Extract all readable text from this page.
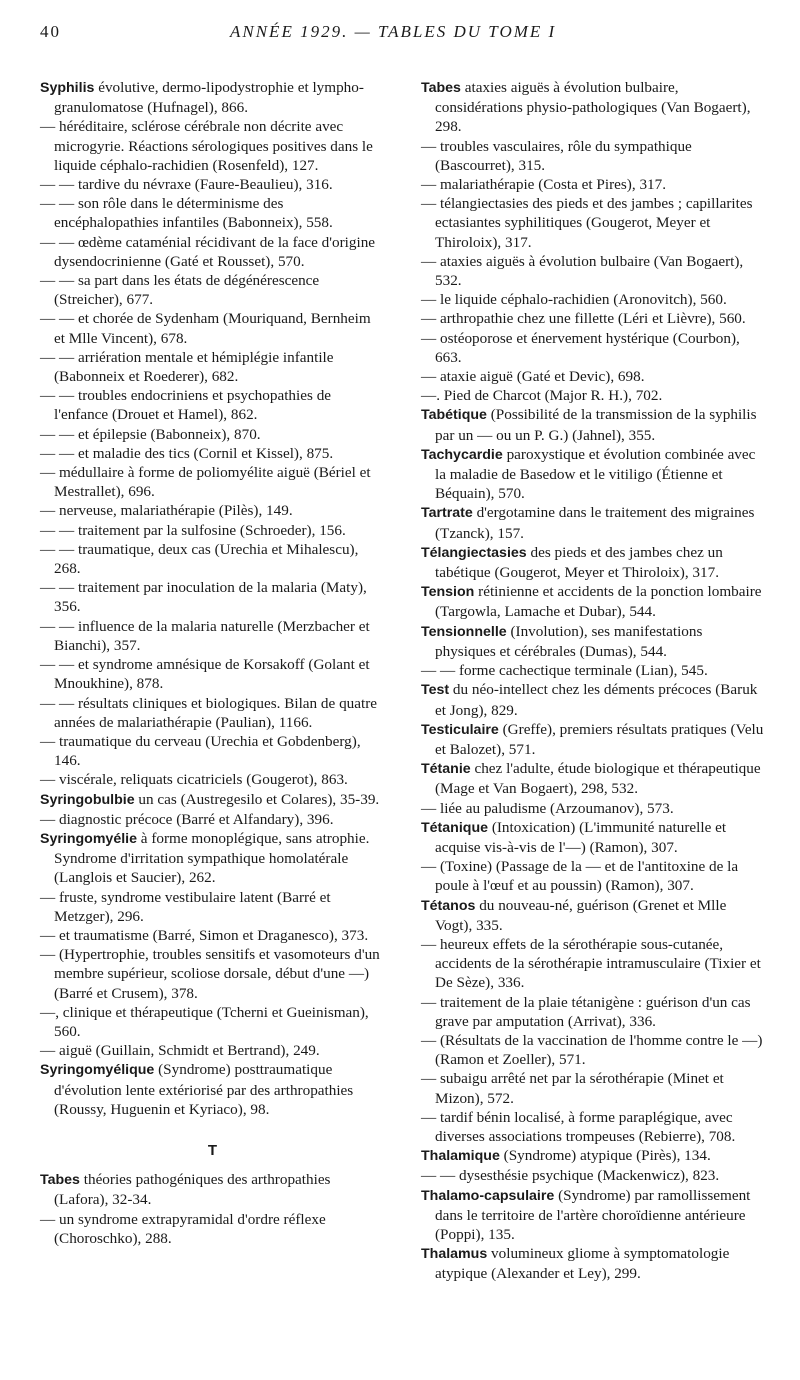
40	ANNÉE 1929. — TABLES DU TOME I
Syphilis évolutive, dermo-lipodystrophie et lympho-granulomatose (Hufnagel), 866.
— héréditaire, sclérose cérébrale non décrite avec microgyrie. Réactions sérologiques positives dans le liquide céphalo-rachidien (Rosenfeld), 127.
— — tardive du névraxe (Faure-Beaulieu), 316.
— — son rôle dans le déterminisme des encéphalopathies infantiles (Babonneix), 558.
— — œdème cataménial récidivant de la face d'origine dysendocrinienne (Gaté et Rousset), 570.
— — sa part dans les états de dégénérescence (Streicher), 677.
— — et chorée de Sydenham (Mouriquand, Bernheim et Mlle Vincent), 678.
— — arriération mentale et hémiplégie infantile (Babonneix et Roederer), 682.
— — troubles endocriniens et psychopathies de l'enfance (Drouet et Hamel), 862.
— — et épilepsie (Babonneix), 870.
— — et maladie des tics (Cornil et Kissel), 875.
— médullaire à forme de poliomyélite aiguë (Bériel et Mestrallet), 696.
— nerveuse, malariathérapie (Pilès), 149.
— — traitement par la sulfosine (Schroeder), 156.
— — traumatique, deux cas (Urechia et Mihalescu), 268.
— — traitement par inoculation de la malaria (Maty), 356.
— — influence de la malaria naturelle (Merzbacher et Bianchi), 357.
— — et syndrome amnésique de Korsakoff (Golant et Mnoukhine), 878.
— — résultats cliniques et biologiques. Bilan de quatre années de malariathérapie (Paulian), 1166.
— traumatique du cerveau (Urechia et Gobdenberg), 146.
— viscérale, reliquats cicatriciels (Gougerot), 863.
Syringobulbie un cas (Austregesilo et Colares), 35-39.
— diagnostic précoce (Barré et Alfandary), 396.
Syringomyélie à forme monoplégique, sans atrophie. Syndrome d'irritation sympathique homolatérale (Langlois et Saucier), 262.
— fruste, syndrome vestibulaire latent (Barré et Metzger), 296.
— et traumatisme (Barré, Simon et Draganesco), 373.
— (Hypertrophie, troubles sensitifs et vasomoteurs d'un membre supérieur, scoliose dorsale, début d'une —) (Barré et Crusem), 378.
—, clinique et thérapeutique (Tcherni et Gueinisman), 560.
— aiguë (Guillain, Schmidt et Bertrand), 249.
Syringomyélique (Syndrome) posttraumatique d'évolution lente extériorisé par des arthropathies (Roussy, Huguenin et Kyriaco), 98.
T
Tabes théories pathogéniques des arthropathies (Lafora), 32-34.
— un syndrome extrapyramidal d'ordre réflexe (Choroschko), 288.
Tabes ataxies aiguës à évolution bulbaire, considérations physio-pathologiques (Van Bogaert), 298.
— troubles vasculaires, rôle du sympathique (Bascourret), 315.
— malariathérapie (Costa et Pires), 317.
— télangiectasies des pieds et des jambes ; capillarites ectasiantes syphilitiques (Gougerot, Meyer et Thiroloix), 317.
— ataxies aiguës à évolution bulbaire (Van Bogaert), 532.
— le liquide céphalo-rachidien (Aronovitch), 560.
— arthropathie chez une fillette (Léri et Lièvre), 560.
— ostéoporose et énervement hystérique (Courbon), 663.
— ataxie aiguë (Gaté et Devic), 698.
—. Pied de Charcot (Major R. H.), 702.
Tabétique (Possibilité de la transmission de la syphilis par un — ou un P. G.) (Jahnel), 355.
Tachycardie paroxystique et évolution combinée avec la maladie de Basedow et le vitiligo (Étienne et Béquain), 570.
Tartrate d'ergotamine dans le traitement des migraines (Tzanck), 157.
Télangiectasies des pieds et des jambes chez un tabétique (Gougerot, Meyer et Thiroloix), 317.
Tension rétinienne et accidents de la ponction lombaire (Targowla, Lamache et Dubar), 544.
Tensionnelle (Involution), ses manifestations physiques et cérébrales (Dumas), 544.
— — forme cachectique terminale (Lian), 545.
Test du néo-intellect chez les déments précoces (Baruk et Jong), 829.
Testiculaire (Greffe), premiers résultats pratiques (Velu et Balozet), 571.
Tétanie chez l'adulte, étude biologique et thérapeutique (Mage et Van Bogaert), 298, 532.
— liée au paludisme (Arzoumanov), 573.
Tétanique (Intoxication) (L'immunité naturelle et acquise vis-à-vis de l'—) (Ramon), 307.
— (Toxine) (Passage de la — et de l'antitoxine de la poule à l'œuf et au poussin) (Ramon), 307.
Tétanos du nouveau-né, guérison (Grenet et Mlle Vogt), 335.
— heureux effets de la sérothérapie sous-cutanée, accidents de la sérothérapie intramusculaire (Tixier et De Sèze), 336.
— traitement de la plaie tétanigène : guérison d'un cas grave par amputation (Arrivat), 336.
— (Résultats de la vaccination de l'homme contre le —) (Ramon et Zoeller), 571.
— subaigu arrêté net par la sérothérapie (Minet et Mizon), 572.
— tardif bénin localisé, à forme paraplégique, avec diverses associations trompeuses (Rebierre), 708.
Thalamique (Syndrome) atypique (Pirès), 134.
— — dysesthésie psychique (Mackenwicz), 823.
Thalamo-capsulaire (Syndrome) par ramollissement dans le territoire de l'artère choroïdienne antérieure (Poppi), 135.
Thalamus volumineux gliome à symptomatologie atypique (Alexander et Ley), 299.
